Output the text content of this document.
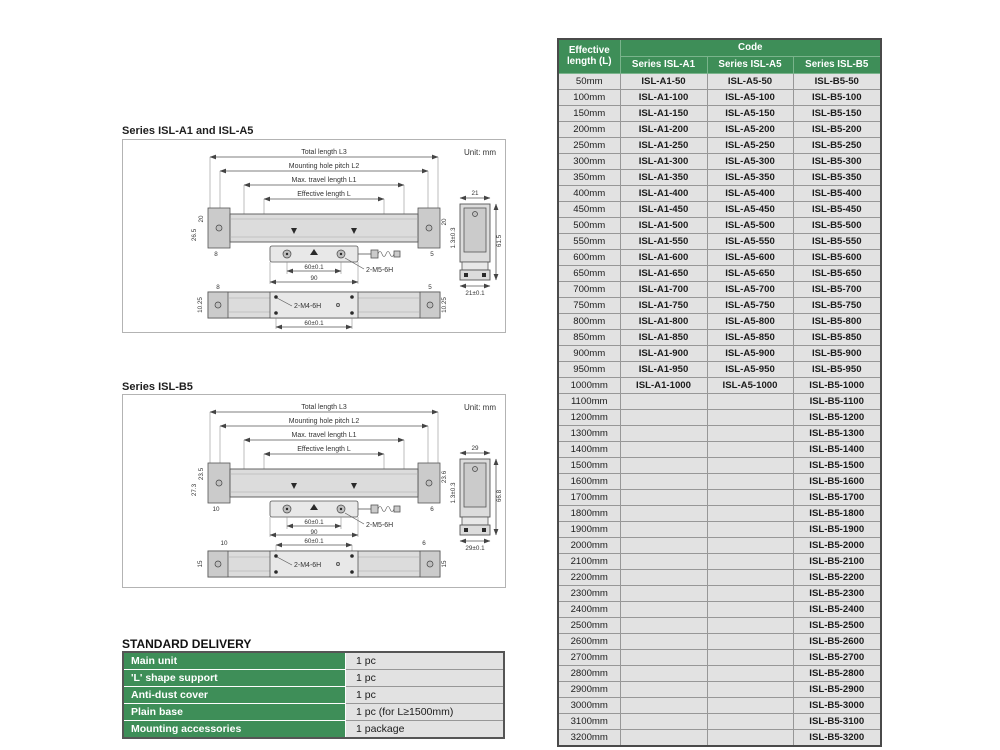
Series ISL-A1 and ISL-A5
Unit: mm
Total length L3
Mounting hole pitch L2
Max. travel length L1
Effective length L
26.5
20
8	5
20
60±0.1
90
2-M5-6H
21
61.5
1.3±0.3
21±0.1
8	5
2-M4-6H
60±0.1
10.25	10.25
Series ISL-B5
Unit: mm
Total length L3
Mounting hole pitch L2
Max. travel length L1
Effective length L
27.3
23.5
10	6
23.6
60±0.1
90
2-M5-6H
29
66.8
1.3±0.3
29±0.1
10	6
60±0.1
2-M4-6H
15	15
STANDARD DELIVERY
Main unit	1 pc
'L' shape support	1 pc
Anti-dust cover	1 pc
Plain base	1 pc (for L≥1500mm)
Mounting accessories	1 package
Effective
length (L)	Code		
	Series ISL-A1	Series ISL-A5	Series ISL-B5
50mm	ISL-A1-50	ISL-A5-50	ISL-B5-50
100mm	ISL-A1-100	ISL-A5-100	ISL-B5-100
150mm	ISL-A1-150	ISL-A5-150	ISL-B5-150
200mm	ISL-A1-200	ISL-A5-200	ISL-B5-200
250mm	ISL-A1-250	ISL-A5-250	ISL-B5-250
300mm	ISL-A1-300	ISL-A5-300	ISL-B5-300
350mm	ISL-A1-350	ISL-A5-350	ISL-B5-350
400mm	ISL-A1-400	ISL-A5-400	ISL-B5-400
450mm	ISL-A1-450	ISL-A5-450	ISL-B5-450
500mm	ISL-A1-500	ISL-A5-500	ISL-B5-500
550mm	ISL-A1-550	ISL-A5-550	ISL-B5-550
600mm	ISL-A1-600	ISL-A5-600	ISL-B5-600
650mm	ISL-A1-650	ISL-A5-650	ISL-B5-650
700mm	ISL-A1-700	ISL-A5-700	ISL-B5-700
750mm	ISL-A1-750	ISL-A5-750	ISL-B5-750
800mm	ISL-A1-800	ISL-A5-800	ISL-B5-800
850mm	ISL-A1-850	ISL-A5-850	ISL-B5-850
900mm	ISL-A1-900	ISL-A5-900	ISL-B5-900
950mm	ISL-A1-950	ISL-A5-950	ISL-B5-950
1000mm	ISL-A1-1000	ISL-A5-1000	ISL-B5-1000
1100mm			ISL-B5-1100
1200mm			ISL-B5-1200
1300mm			ISL-B5-1300
1400mm			ISL-B5-1400
1500mm			ISL-B5-1500
1600mm			ISL-B5-1600
1700mm			ISL-B5-1700
1800mm			ISL-B5-1800
1900mm			ISL-B5-1900
2000mm			ISL-B5-2000
2100mm			ISL-B5-2100
2200mm			ISL-B5-2200
2300mm			ISL-B5-2300
2400mm			ISL-B5-2400
2500mm			ISL-B5-2500
2600mm			ISL-B5-2600
2700mm			ISL-B5-2700
2800mm			ISL-B5-2800
2900mm			ISL-B5-2900
3000mm			ISL-B5-3000
3100mm			ISL-B5-3100
3200mm			ISL-B5-3200
